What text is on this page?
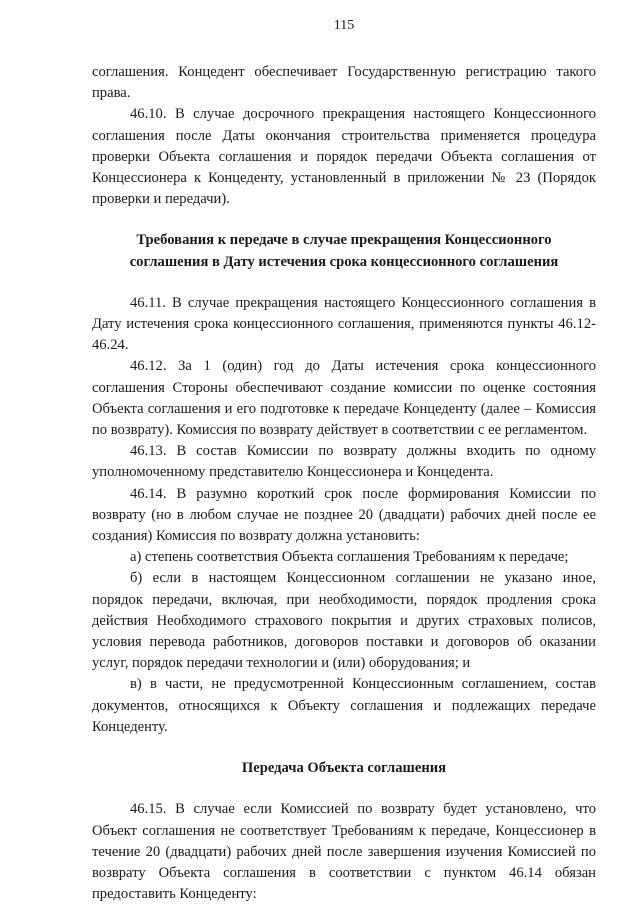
115

соглашения. Концедент обеспечивает Государственную регистрацию такого права.

46.10. В случае досрочного прекращения настоящего Концессионного соглашения после Даты окончания строительства применяется процедура проверки Объекта соглашения и порядок передачи Объекта соглашения от Концессионера к Концеденту, установленный в приложении № 23 (Порядок проверки и передачи).

Требования к передаче в случае прекращения Концессионного
соглашения в Дату истечения срока концессионного соглашения

46.11. В случае прекращения настоящего Концессионного соглашения в Дату истечения срока концессионного соглашения, применяются пункты 46.12-46.24.

46.12. За 1 (один) год до Даты истечения срока концессионного соглашения Стороны обеспечивают создание комиссии по оценке состояния Объекта соглашения и его подготовке к передаче Концеденту (далее – Комиссия по возврату). Комиссия по возврату действует в соответствии с ее регламентом.

46.13. В состав Комиссии по возврату должны входить по одному уполномоченному представителю Концессионера и Концедента.

46.14. В разумно короткий срок после формирования Комиссии по возврату (но в любом случае не позднее 20 (двадцати) рабочих дней после ее создания) Комиссия по возврату должна установить:

а) степень соответствия Объекта соглашения Требованиям к передаче;

б) если в настоящем Концессионном соглашении не указано иное, порядок передачи, включая, при необходимости, порядок продления срока действия Необходимого страхового покрытия и других страховых полисов, условия перевода работников, договоров поставки и договоров об оказании услуг, порядок передачи технологии и (или) оборудования; и

в) в части, не предусмотренной Концессионным соглашением, состав документов, относящихся к Объекту соглашения и подлежащих передаче Концеденту.

Передача Объекта соглашения

46.15. В случае если Комиссией по возврату будет установлено, что Объект соглашения не соответствует Требованиям к передаче, Концессионер в течение 20 (двадцати) рабочих дней после завершения изучения Комиссией по возврату Объекта соглашения в соответствии с пунктом 46.14 обязан предоставить Концеденту:
